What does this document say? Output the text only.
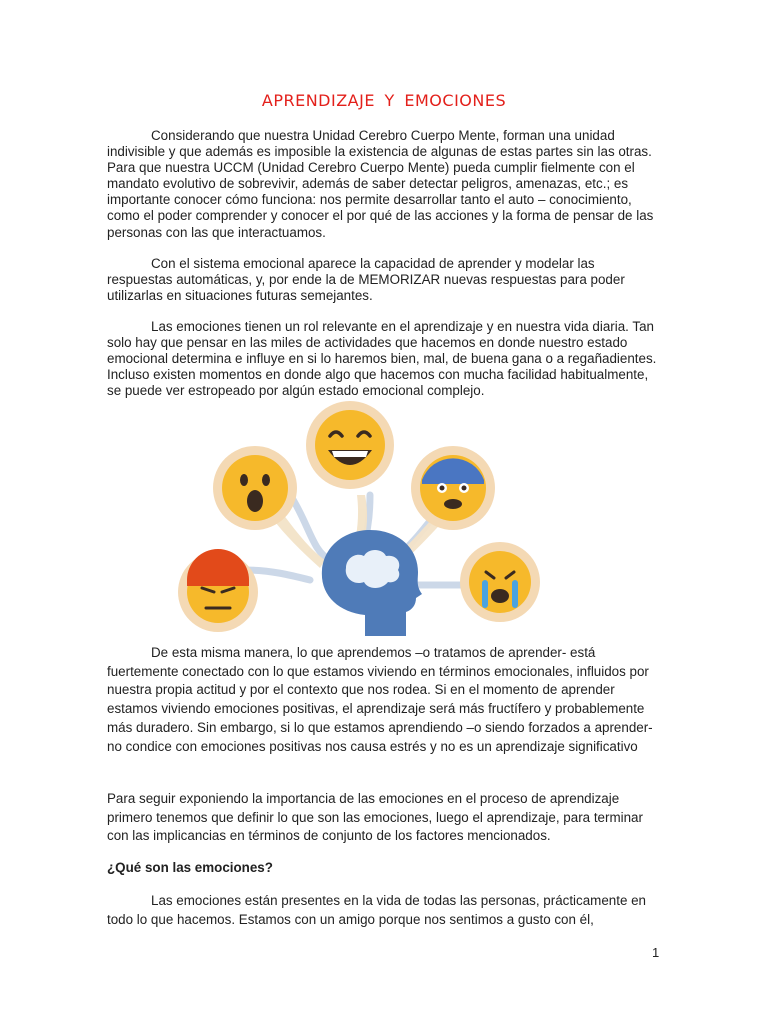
APRENDIZAJE Y EMOCIONES

Considerando que nuestra Unidad Cerebro Cuerpo Mente, forman una unidad indivisible y que además es imposible la existencia de algunas de estas partes sin las otras. Para que nuestra UCCM (Unidad Cerebro Cuerpo Mente) pueda cumplir fielmente con el mandato evolutivo de sobrevivir, además de saber detectar peligros, amenazas, etc.; es importante conocer cómo funciona: nos permite desarrollar tanto el auto – conocimiento, como el poder comprender y conocer el por qué de las acciones y la forma de pensar de las personas con las que interactuamos.

Con el sistema emocional aparece la capacidad de aprender y modelar las respuestas automáticas, y, por ende la de MEMORIZAR nuevas respuestas para poder utilizarlas en situaciones futuras semejantes.

Las emociones tienen un rol relevante en el aprendizaje y en nuestra vida diaria. Tan solo hay que pensar en las miles de actividades que hacemos en donde nuestro estado emocional determina e influye en si lo haremos bien, mal, de buena gana o a regañadientes. Incluso existen momentos en donde algo que hacemos con mucha facilidad habitualmente, se puede ver estropeado por algún estado emocional complejo.

De esta misma manera, lo que aprendemos –o tratamos de aprender- está fuertemente conectado con lo que estamos viviendo en términos emocionales, influidos por nuestra propia actitud y por el contexto que nos rodea. Si en el momento de aprender estamos viviendo emociones positivas, el aprendizaje será más fructífero y probablemente más duradero. Sin embargo, si lo que estamos aprendiendo –o siendo forzados a aprender- no condice con emociones positivas nos causa estrés y no es un aprendizaje significativo

Para seguir exponiendo la importancia de las emociones en el proceso de aprendizaje primero tenemos que definir lo que son las emociones, luego el aprendizaje, para terminar con las implicancias en términos de conjunto de los factores mencionados.

¿Qué son las emociones?

Las emociones están presentes en la vida de todas las personas, prácticamente en todo lo que hacemos. Estamos con un amigo porque nos sentimos a gusto con él,

1
